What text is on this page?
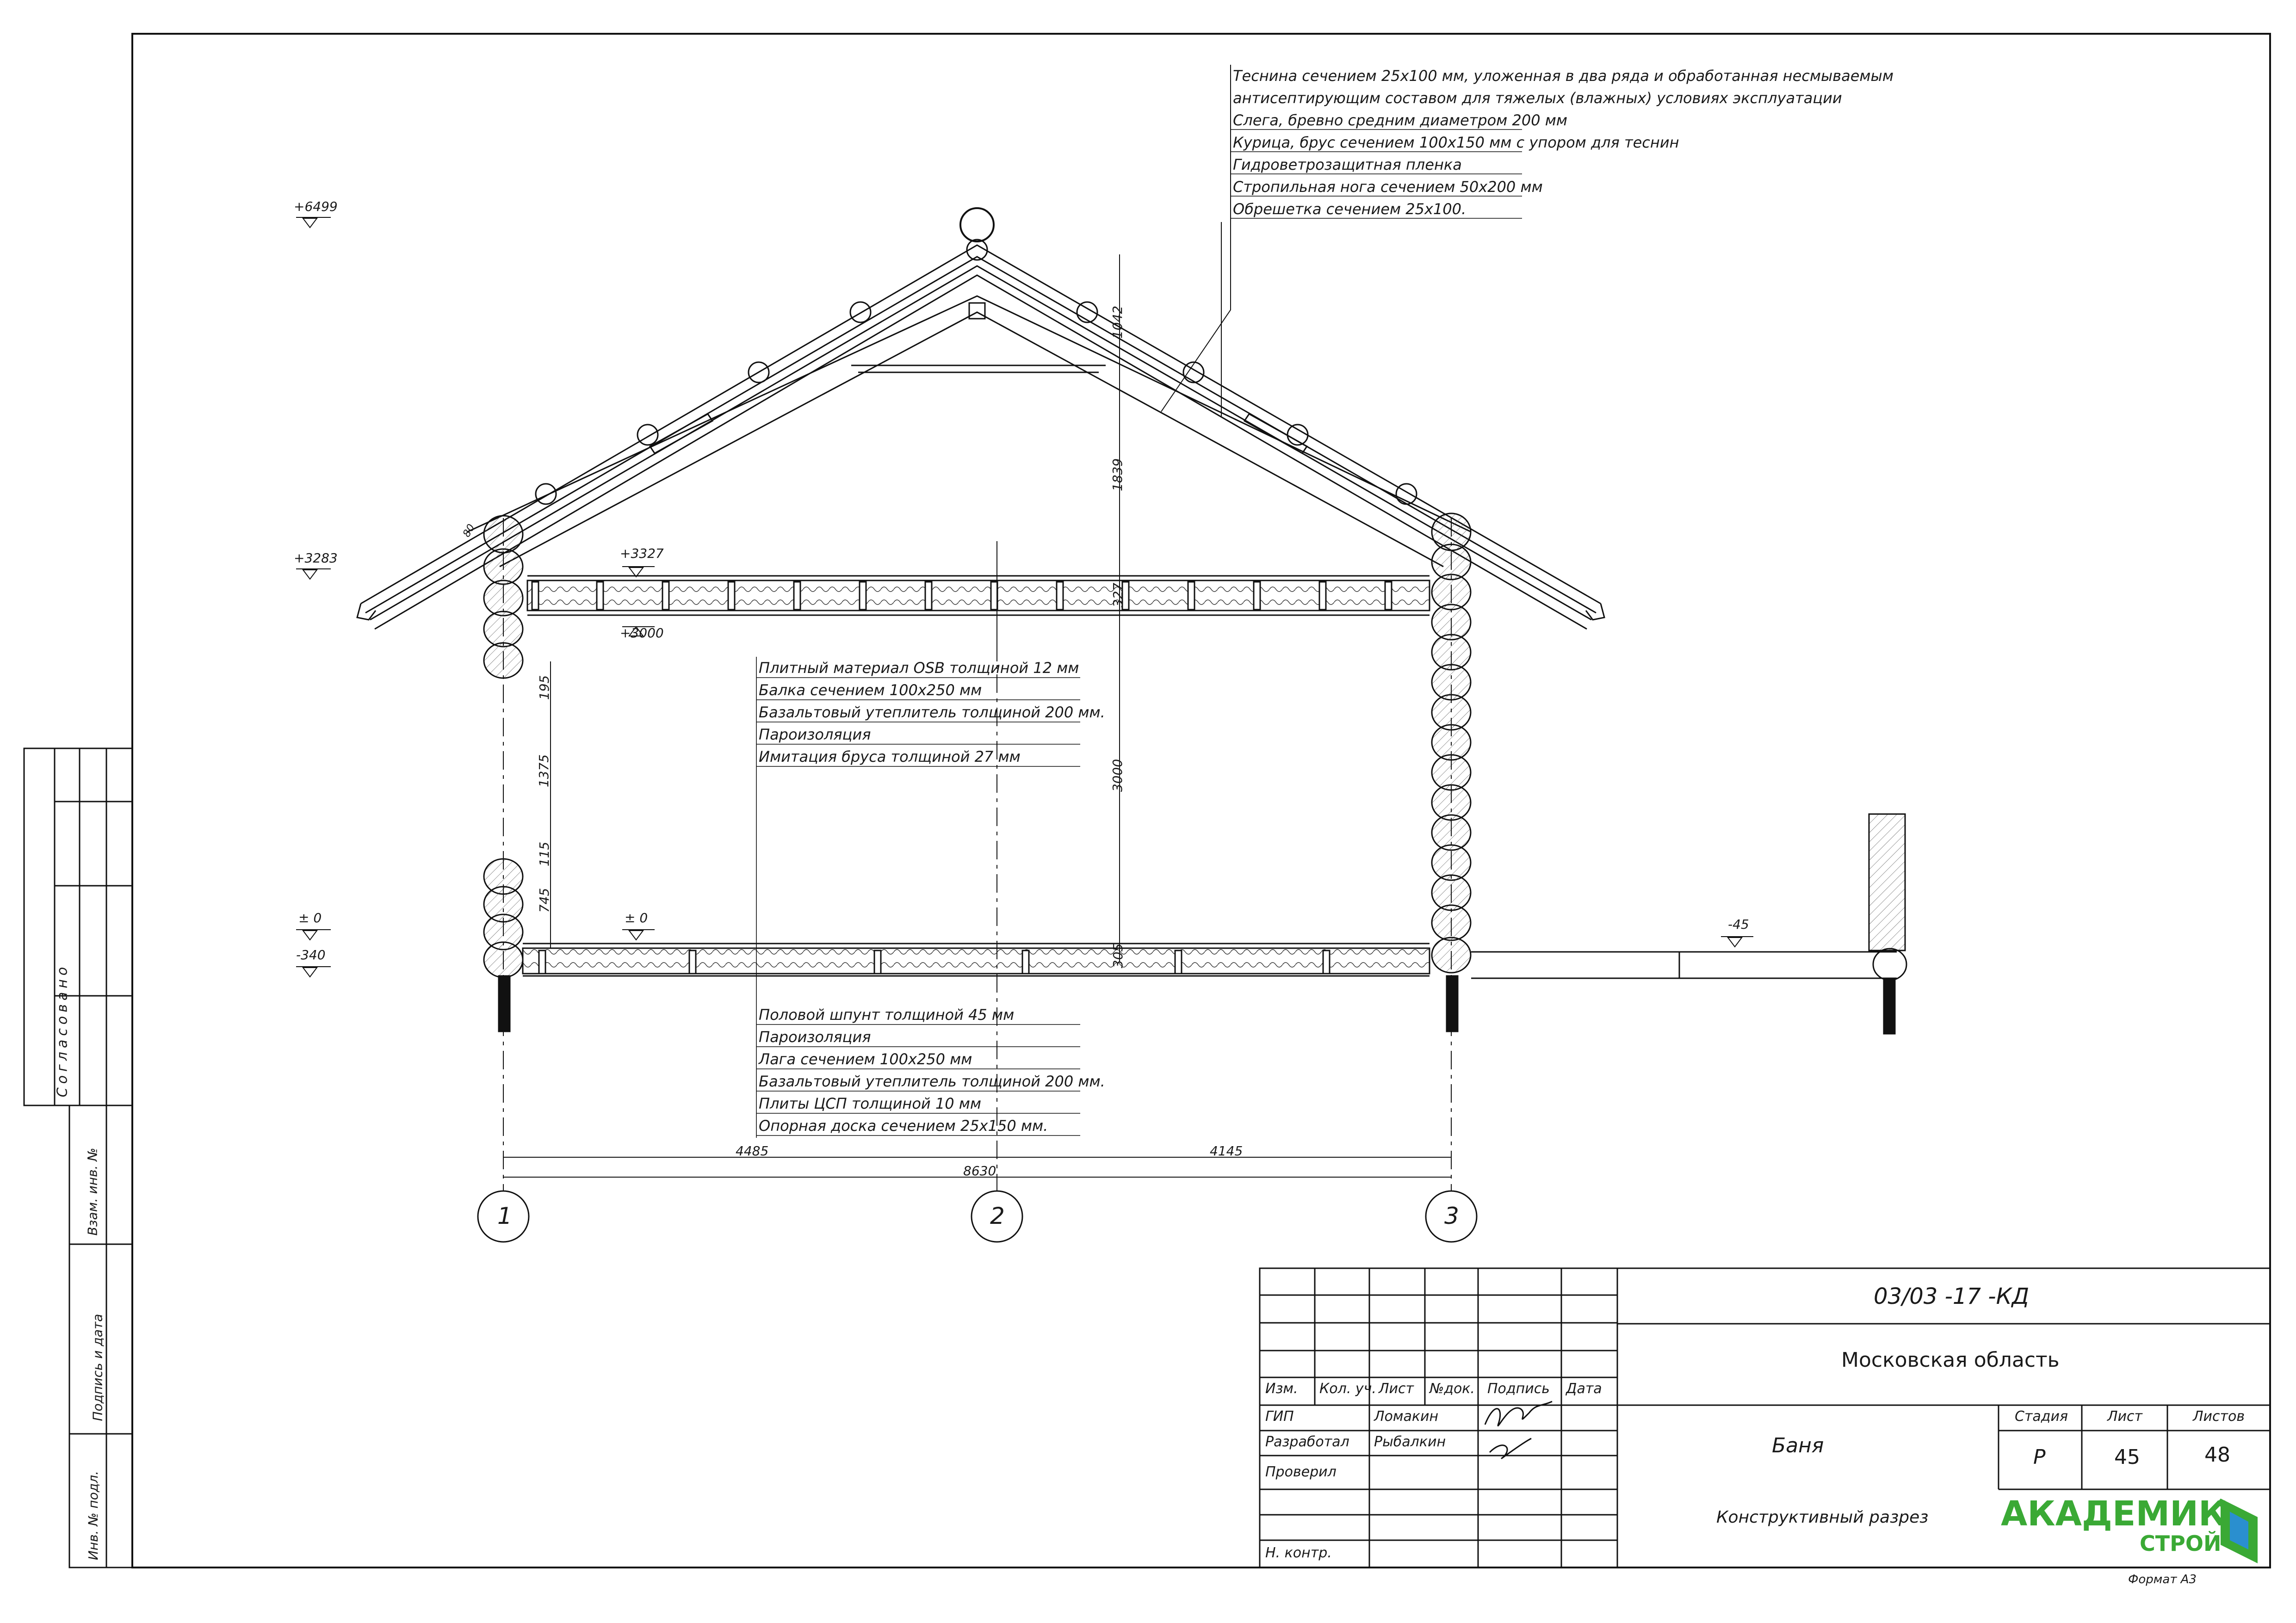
Теснина сечением 25х100 мм, уложенная в два ряда и обработанная несмываемым
антисептирующим составом для тяжелых (влажных) условиях эксплуатации
Слега, бревно средним диаметром 200 мм
Курица, брус сечением 100х150 мм с упором для теснин
Гидроветрозащитная пленка
Стропильная нога сечением 50х200 мм
Обрешетка сечением 25х100.
Плитный материал OSB толщиной 12 мм
Балка сечением 100х250 мм
Базальтовый утеплитель толщиной 200 мм.
Пароизоляция
Имитация бруса толщиной 27 мм
Половой шпунт толщиной 45 мм
Пароизоляция
Лага сечением 100х250 мм
Базальтовый утеплитель толщиной 200 мм.
Плиты ЦСП толщиной 10 мм
Опорная доска сечением 25х150 мм.
+6499
+3283	+3327
+3000
± 0
-340
± 0	-45
4485	4145
8630
1042
1839
327
3000
305
195
1375
115
745
80
1	2	3
Согласовано
Взам. инв. №
Подпись и дата
Инв. № подл.
03/03 -17 -КД
Московская область
Баня
Конструктивный разрез
Изм. Кол. уч. Лист №док. Подпись Дата
ГИП	Ломакин
Разработал Рыбалкин
Проверил
Н. контр.
Стадия	Лист	Листов
Р	45	48
АКАДЕМИК
СТРОЙ
Формат А3
